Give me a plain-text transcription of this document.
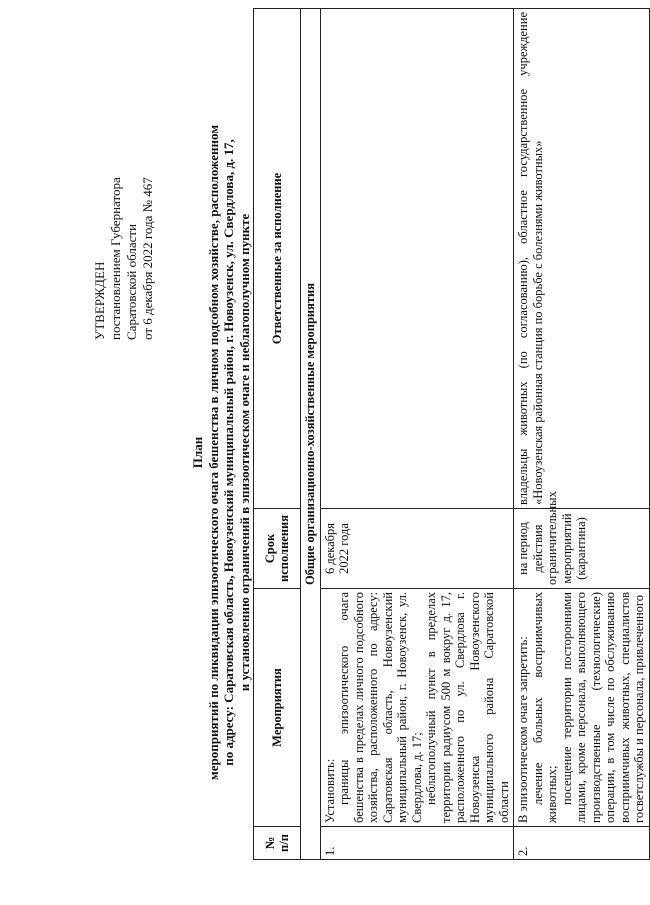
УТВЕРЖДЕН постановлением Губернатора Саратовской области от 6 декабря 2022 года № 467
План мероприятий по ликвидации эпизоотического очага бешенства в личном подсобном хозяйстве, расположенном по адресу: Саратовская область, Новоузенский муниципальный район, г. Новоузенск, ул. Свердлова, д. 17, и установлению ограничений в эпизоотическом очаге и неблагополучном пункте
№ п/п	Мероприятия	Срок исполнения	Ответственные за исполнение
Общие организационно-хозяйственные мероприятия			
1.	Установить: границы эпизоотического очага бешенства в пределах личного подсобного хозяйства, расположенного по адресу: Саратовская область, Новоузенский муниципальный район, г. Новоузенск, ул. Свердлова, д. 17; неблагополучный пункт в пределах территории радиусом 500 м вокруг д. 17, расположенного по ул. Свердлова г. Новоузенска Новоузенского муниципального района Саратовской области	6 декабря 2022 года	
2.	В эпизоотическом очаге запретить: лечение больных восприимчивых животных; посещение территории посторонними лицами, кроме персонала, выполняющего производственные (технологические) операции, в том числе по обслуживанию восприимчивых животных, специалистов госветслужбы и персонала, привлеченного	на период действия ограничительных мероприятий (карантина)	владельцы животных (по согласованию), областное государственное учреждение «Новоузенская районная станция по борьбе с болезнями животных»
